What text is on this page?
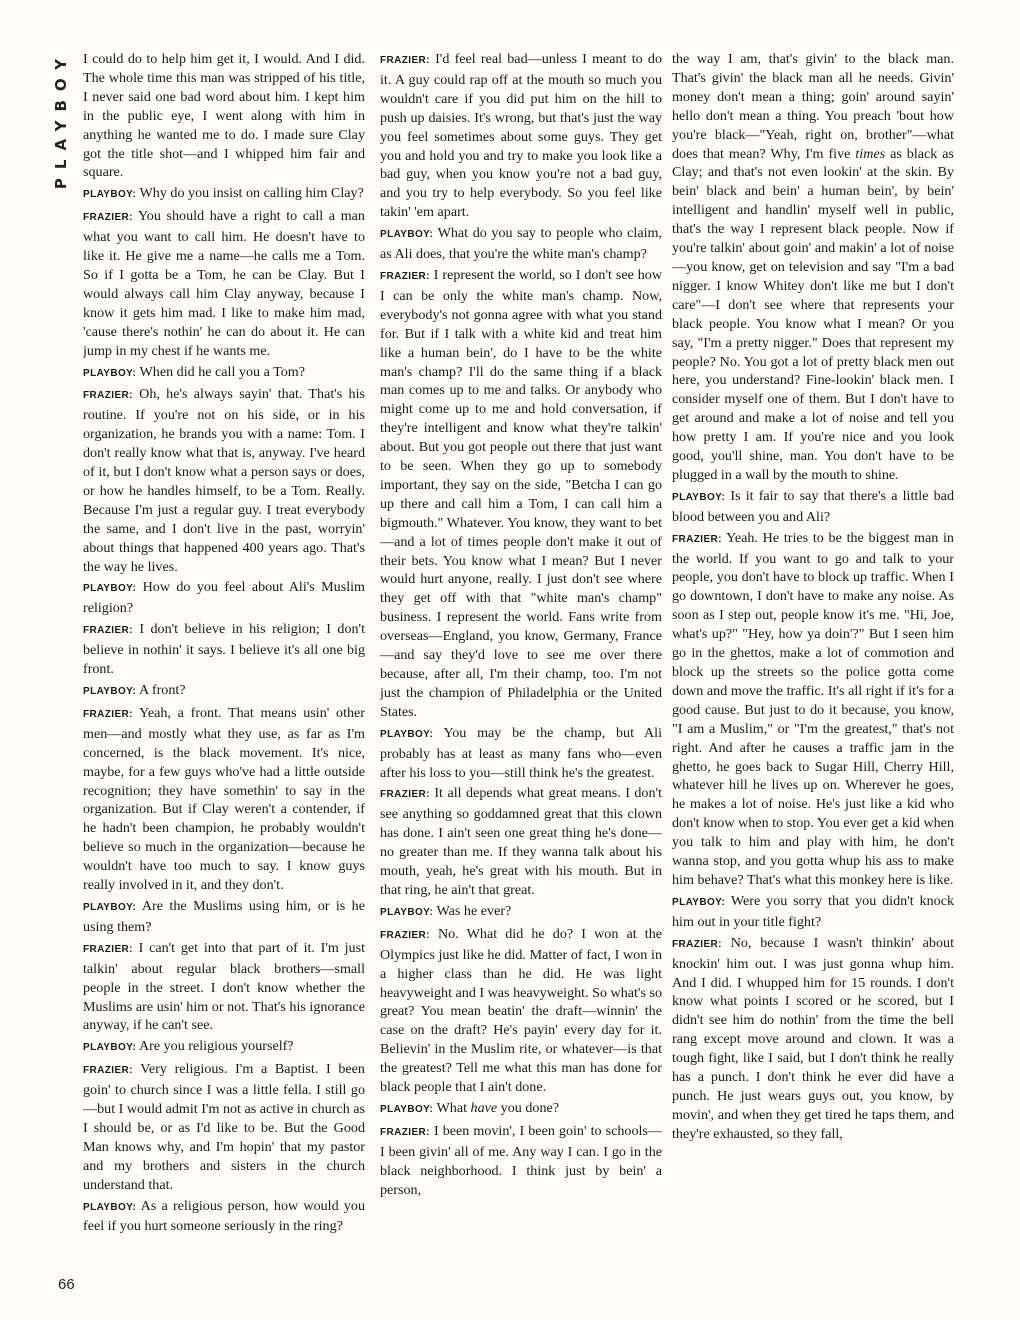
PLAYBOY I could do to help him get it, I would. And I did. The whole time this man was stripped of his title, I never said one bad word about him. I kept him in the public eye, I went along with him in anything he wanted me to do. I made sure Clay got the title shot—and I whipped him fair and square.

PLAYBOY: Why do you insist on calling him Clay?

FRAZIER: You should have a right to call a man what you want to call him. He doesn't have to like it. He give me a name—he calls me a Tom. So if I gotta be a Tom, he can be Clay. But I would always call him Clay anyway, because I know it gets him mad. I like to make him mad, 'cause there's nothin' he can do about it. He can jump in my chest if he wants me.

PLAYBOY: When did he call you a Tom?

FRAZIER: Oh, he's always sayin' that. That's his routine. If you're not on his side, or in his organization, he brands you with a name: Tom. I don't really know what that is, anyway. I've heard of it, but I don't know what a person says or does, or how he handles himself, to be a Tom. Really. Because I'm just a regular guy. I treat everybody the same, and I don't live in the past, worryin' about things that happened 400 years ago. That's the way he lives.

PLAYBOY: How do you feel about Ali's Muslim religion?

FRAZIER: I don't believe in his religion; I don't believe in nothin' it says. I believe it's all one big front.

PLAYBOY: A front?

FRAZIER: Yeah, a front. That means usin' other men—and mostly what they use, as far as I'm concerned, is the black movement. It's nice, maybe, for a few guys who've had a little outside recognition; they have somethin' to say in the organization. But if Clay weren't a contender, if he hadn't been champion, he probably wouldn't believe so much in the organization—because he wouldn't have too much to say. I know guys really involved in it, and they don't.

PLAYBOY: Are the Muslims using him, or is he using them?

FRAZIER: I can't get into that part of it. I'm just talkin' about regular black brothers—small people in the street. I don't know whether the Muslims are usin' him or not. That's his ignorance anyway, if he can't see.

PLAYBOY: Are you religious yourself?

FRAZIER: Very religious. I'm a Baptist. I been goin' to church since I was a little fella. I still go—but I would admit I'm not as active in church as I should be, or as I'd like to be. But the Good Man knows why, and I'm hopin' that my pastor and my brothers and sisters in the church understand that.

PLAYBOY: As a religious person, how would you feel if you hurt someone seriously in the ring?

FRAZIER: I'd feel real bad—unless I meant to do it. A guy could rap off at the mouth so much you wouldn't care if you did put him on the hill to push up daisies. It's wrong, but that's just the way you feel sometimes about some guys. They get you and hold you and try to make you look like a bad guy, when you know you're not a bad guy, and you try to help everybody. So you feel like takin' 'em apart.

PLAYBOY: What do you say to people who claim, as Ali does, that you're the white man's champ?

FRAZIER: I represent the world, so I don't see how I can be only the white man's champ. Now, everybody's not gonna agree with what you stand for. But if I talk with a white kid and treat him like a human bein', do I have to be the white man's champ? I'll do the same thing if a black man comes up to me and talks. Or anybody who might come up to me and hold conversation, if they're intelligent and know what they're talkin' about. But you got people out there that just want to be seen. When they go up to somebody important, they say on the side, "Betcha I can go up there and call him a Tom, I can call him a bigmouth." Whatever. You know, they want to bet—and a lot of times people don't make it out of their bets. You know what I mean? But I never would hurt anyone, really. I just don't see where they get off with that "white man's champ" business. I represent the world. Fans write from overseas—England, you know, Germany, France—and say they'd love to see me over there because, after all, I'm their champ, too. I'm not just the champion of Philadelphia or the United States.

PLAYBOY: You may be the champ, but Ali probably has at least as many fans who—even after his loss to you—still think he's the greatest.

FRAZIER: It all depends what great means. I don't see anything so goddamned great that this clown has done. I ain't seen one great thing he's done—no greater than me. If they wanna talk about his mouth, yeah, he's great with his mouth. But in that ring, he ain't that great.

PLAYBOY: Was he ever?

FRAZIER: No. What did he do? I won at the Olympics just like he did. Matter of fact, I won in a higher class than he did. He was light heavyweight and I was heavyweight. So what's so great? You mean beatin' the draft—winnin' the case on the draft? He's payin' every day for it. Believin' in the Muslim rite, or whatever—is that the greatest? Tell me what this man has done for black people that I ain't done.

PLAYBOY: What have you done?

FRAZIER: I been movin', I been goin' to schools—I been givin' all of me. Any way I can. I go in the black neighborhood. I think just by bein' a person,

the way I am, that's givin' to the black man. That's givin' the black man all he needs. Givin' money don't mean a thing; goin' around sayin' hello don't mean a thing. You preach 'bout how you're black—"Yeah, right on, brother"—what does that mean? Why, I'm five times as black as Clay; and that's not even lookin' at the skin. By bein' black and bein' a human bein', by bein' intelligent and handlin' myself well in public, that's the way I represent black people. Now if you're talkin' about goin' and makin' a lot of noise—you know, get on television and say "I'm a bad nigger. I know Whitey don't like me but I don't care"—I don't see where that represents your black people. You know what I mean? Or you say, "I'm a pretty nigger." Does that represent my people? No. You got a lot of pretty black men out here, you understand? Fine-lookin' black men. I consider myself one of them. But I don't have to get around and make a lot of noise and tell you how pretty I am. If you're nice and you look good, you'll shine, man. You don't have to be plugged in a wall by the mouth to shine.

PLAYBOY: Is it fair to say that there's a little bad blood between you and Ali?

FRAZIER: Yeah. He tries to be the biggest man in the world. If you want to go and talk to your people, you don't have to block up traffic. When I go downtown, I don't have to make any noise. As soon as I step out, people know it's me. "Hi, Joe, what's up?" "Hey, how ya doin'?" But I seen him go in the ghettos, make a lot of commotion and block up the streets so the police gotta come down and move the traffic. It's all right if it's for a good cause. But just to do it because, you know, "I am a Muslim," or "I'm the greatest," that's not right. And after he causes a traffic jam in the ghetto, he goes back to Sugar Hill, Cherry Hill, whatever hill he lives up on. Wherever he goes, he makes a lot of noise. He's just like a kid who don't know when to stop. You ever get a kid when you talk to him and play with him, he don't wanna stop, and you gotta whup his ass to make him behave? That's what this monkey here is like.

PLAYBOY: Were you sorry that you didn't knock him out in your title fight?

FRAZIER: No, because I wasn't thinkin' about knockin' him out. I was just gonna whup him. And I did. I whupped him for 15 rounds. I don't know what points I scored or he scored, but I didn't see him do nothin' from the time the bell rang except move around and clown. It was a tough fight, like I said, but I don't think he really has a punch. I don't think he ever did have a punch. He just wears guys out, you know, by movin', and when they get tired he taps them, and they're exhausted, so they fall,

66
